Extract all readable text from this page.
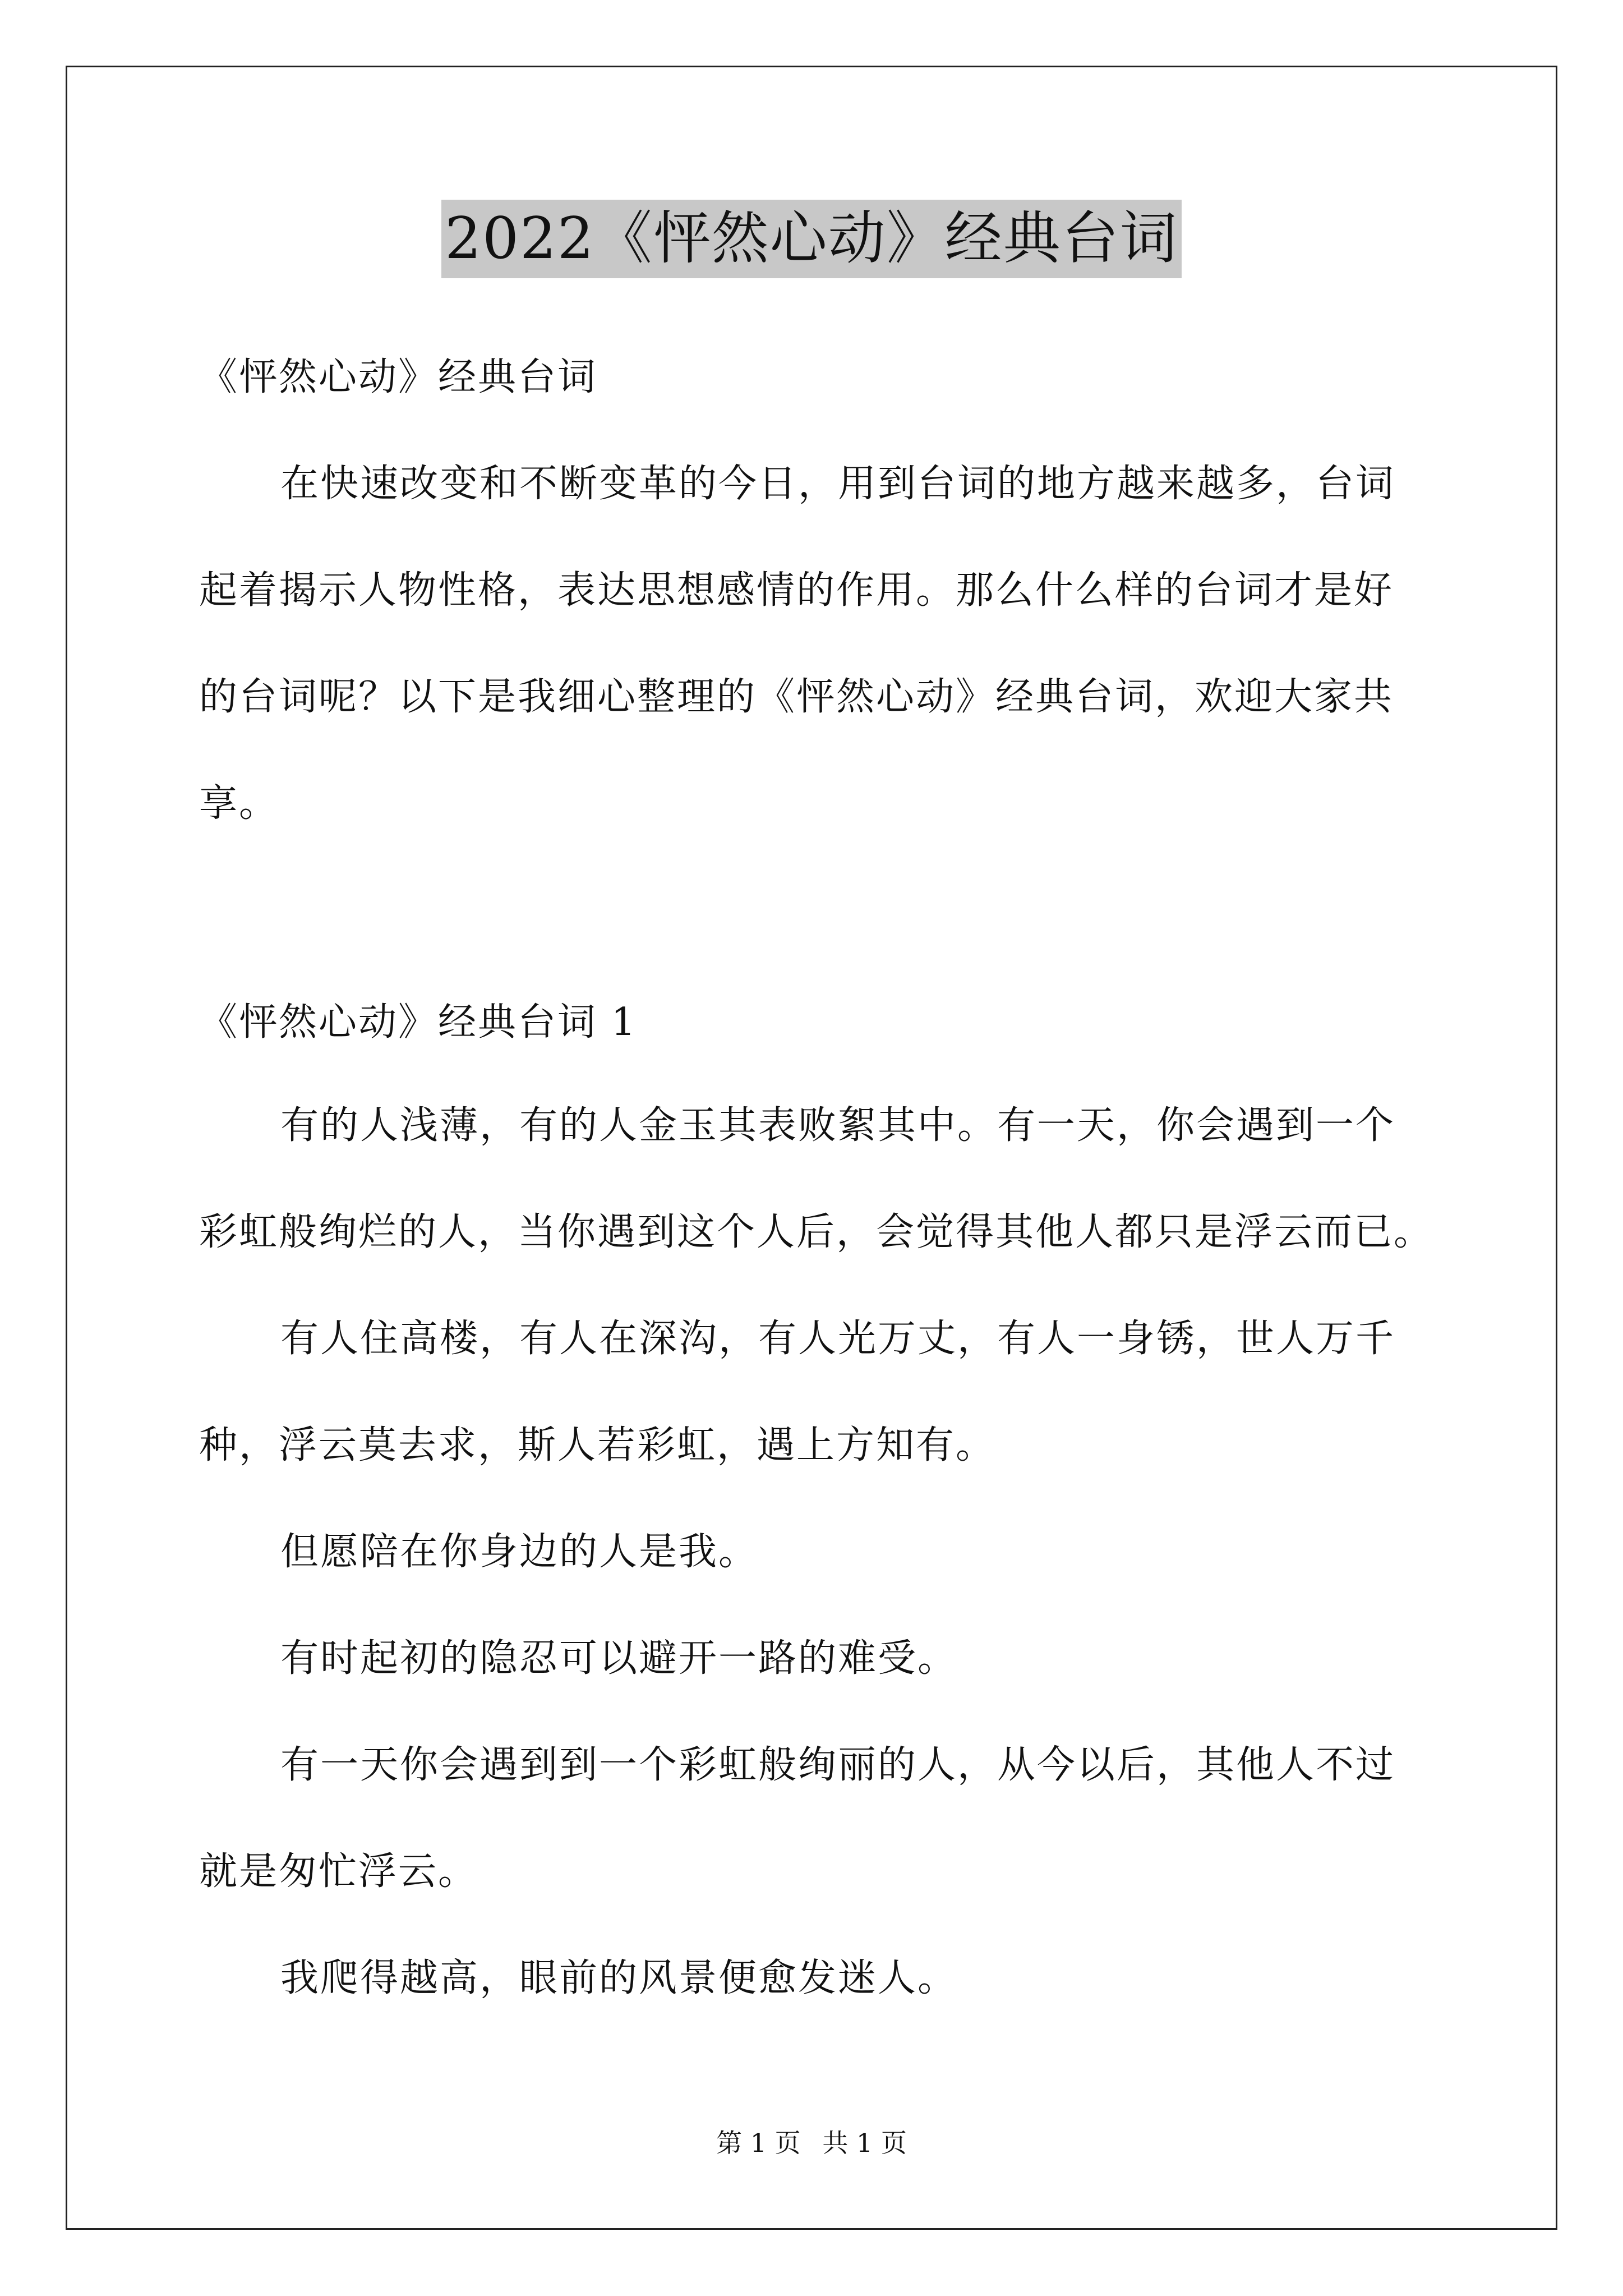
2022《怦然心动》经典台词
《怦然心动》经典台词
在快速改变和不断变革的今日，用到台词的地方越来越多，台词
起着揭示人物性格，表达思想感情的作用。那么什么样的台词才是好
的台词呢？以下是我细心整理的《怦然心动》经典台词，欢迎大家共
享。
《怦然心动》经典台词 1
有的人浅薄，有的人金玉其表败絮其中。有一天，你会遇到一个
彩虹般绚烂的人，当你遇到这个人后，会觉得其他人都只是浮云而已。
有人住高楼，有人在深沟，有人光万丈，有人一身锈，世人万千
种，浮云莫去求，斯人若彩虹，遇上方知有。
但愿陪在你身边的人是我。
有时起初的隐忍可以避开一路的难受。
有一天你会遇到到一个彩虹般绚丽的人，从今以后，其他人不过
就是匆忙浮云。
我爬得越高，眼前的风景便愈发迷人。
第 1 页 共 1 页
